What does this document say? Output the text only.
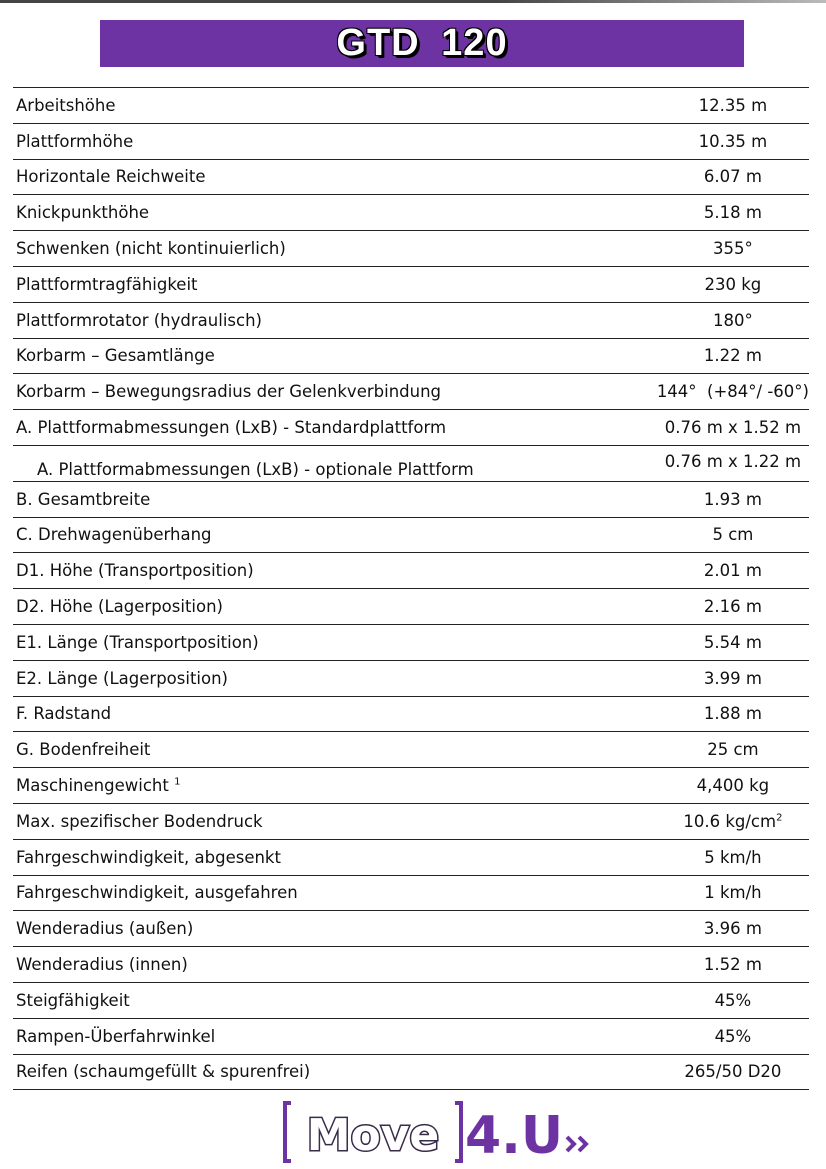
GTD 120
Arbeitshöhe	12.35 m
Plattformhöhe	10.35 m
Horizontale Reichweite	6.07 m
Knickpunkthöhe	5.18 m
Schwenken (nicht kontinuierlich)	355°
Plattformtragfähigkeit	230 kg
Plattformrotator (hydraulisch)	180°
Korbarm – Gesamtlänge	1.22 m
Korbarm – Bewegungsradius der Gelenkverbindung	144°  (+84°/ -60°)
A. Plattformabmessungen (LxB) - Standardplattform	0.76 m x 1.52 m
A. Plattformabmessungen (LxB) - optionale Plattform	0.76 m x 1.22 m
B. Gesamtbreite	1.93 m
C. Drehwagenüberhang	5 cm
D1. Höhe (Transportposition)	2.01 m
D2. Höhe (Lagerposition)	2.16 m
E1. Länge (Transportposition)	5.54 m
E2. Länge (Lagerposition)	3.99 m
F. Radstand	1.88 m
G. Bodenfreiheit	25 cm
Maschinengewicht $^1$	4,400 kg
Max. spezifischer Bodendruck	10.6 $kg/cm^2$
Fahrgeschwindigkeit, abgesenkt	5 km/h
Fahrgeschwindigkeit, ausgefahren	1 km/h
Wenderadius (außen)	3.96 m
Wenderadius (innen)	1.52 m
Steigfähigkeit	45%
Rampen-Überfahrwinkel	45%
Reifen (schaumgefüllt & spurenfrei)	265/50 D20
Move 4.U
